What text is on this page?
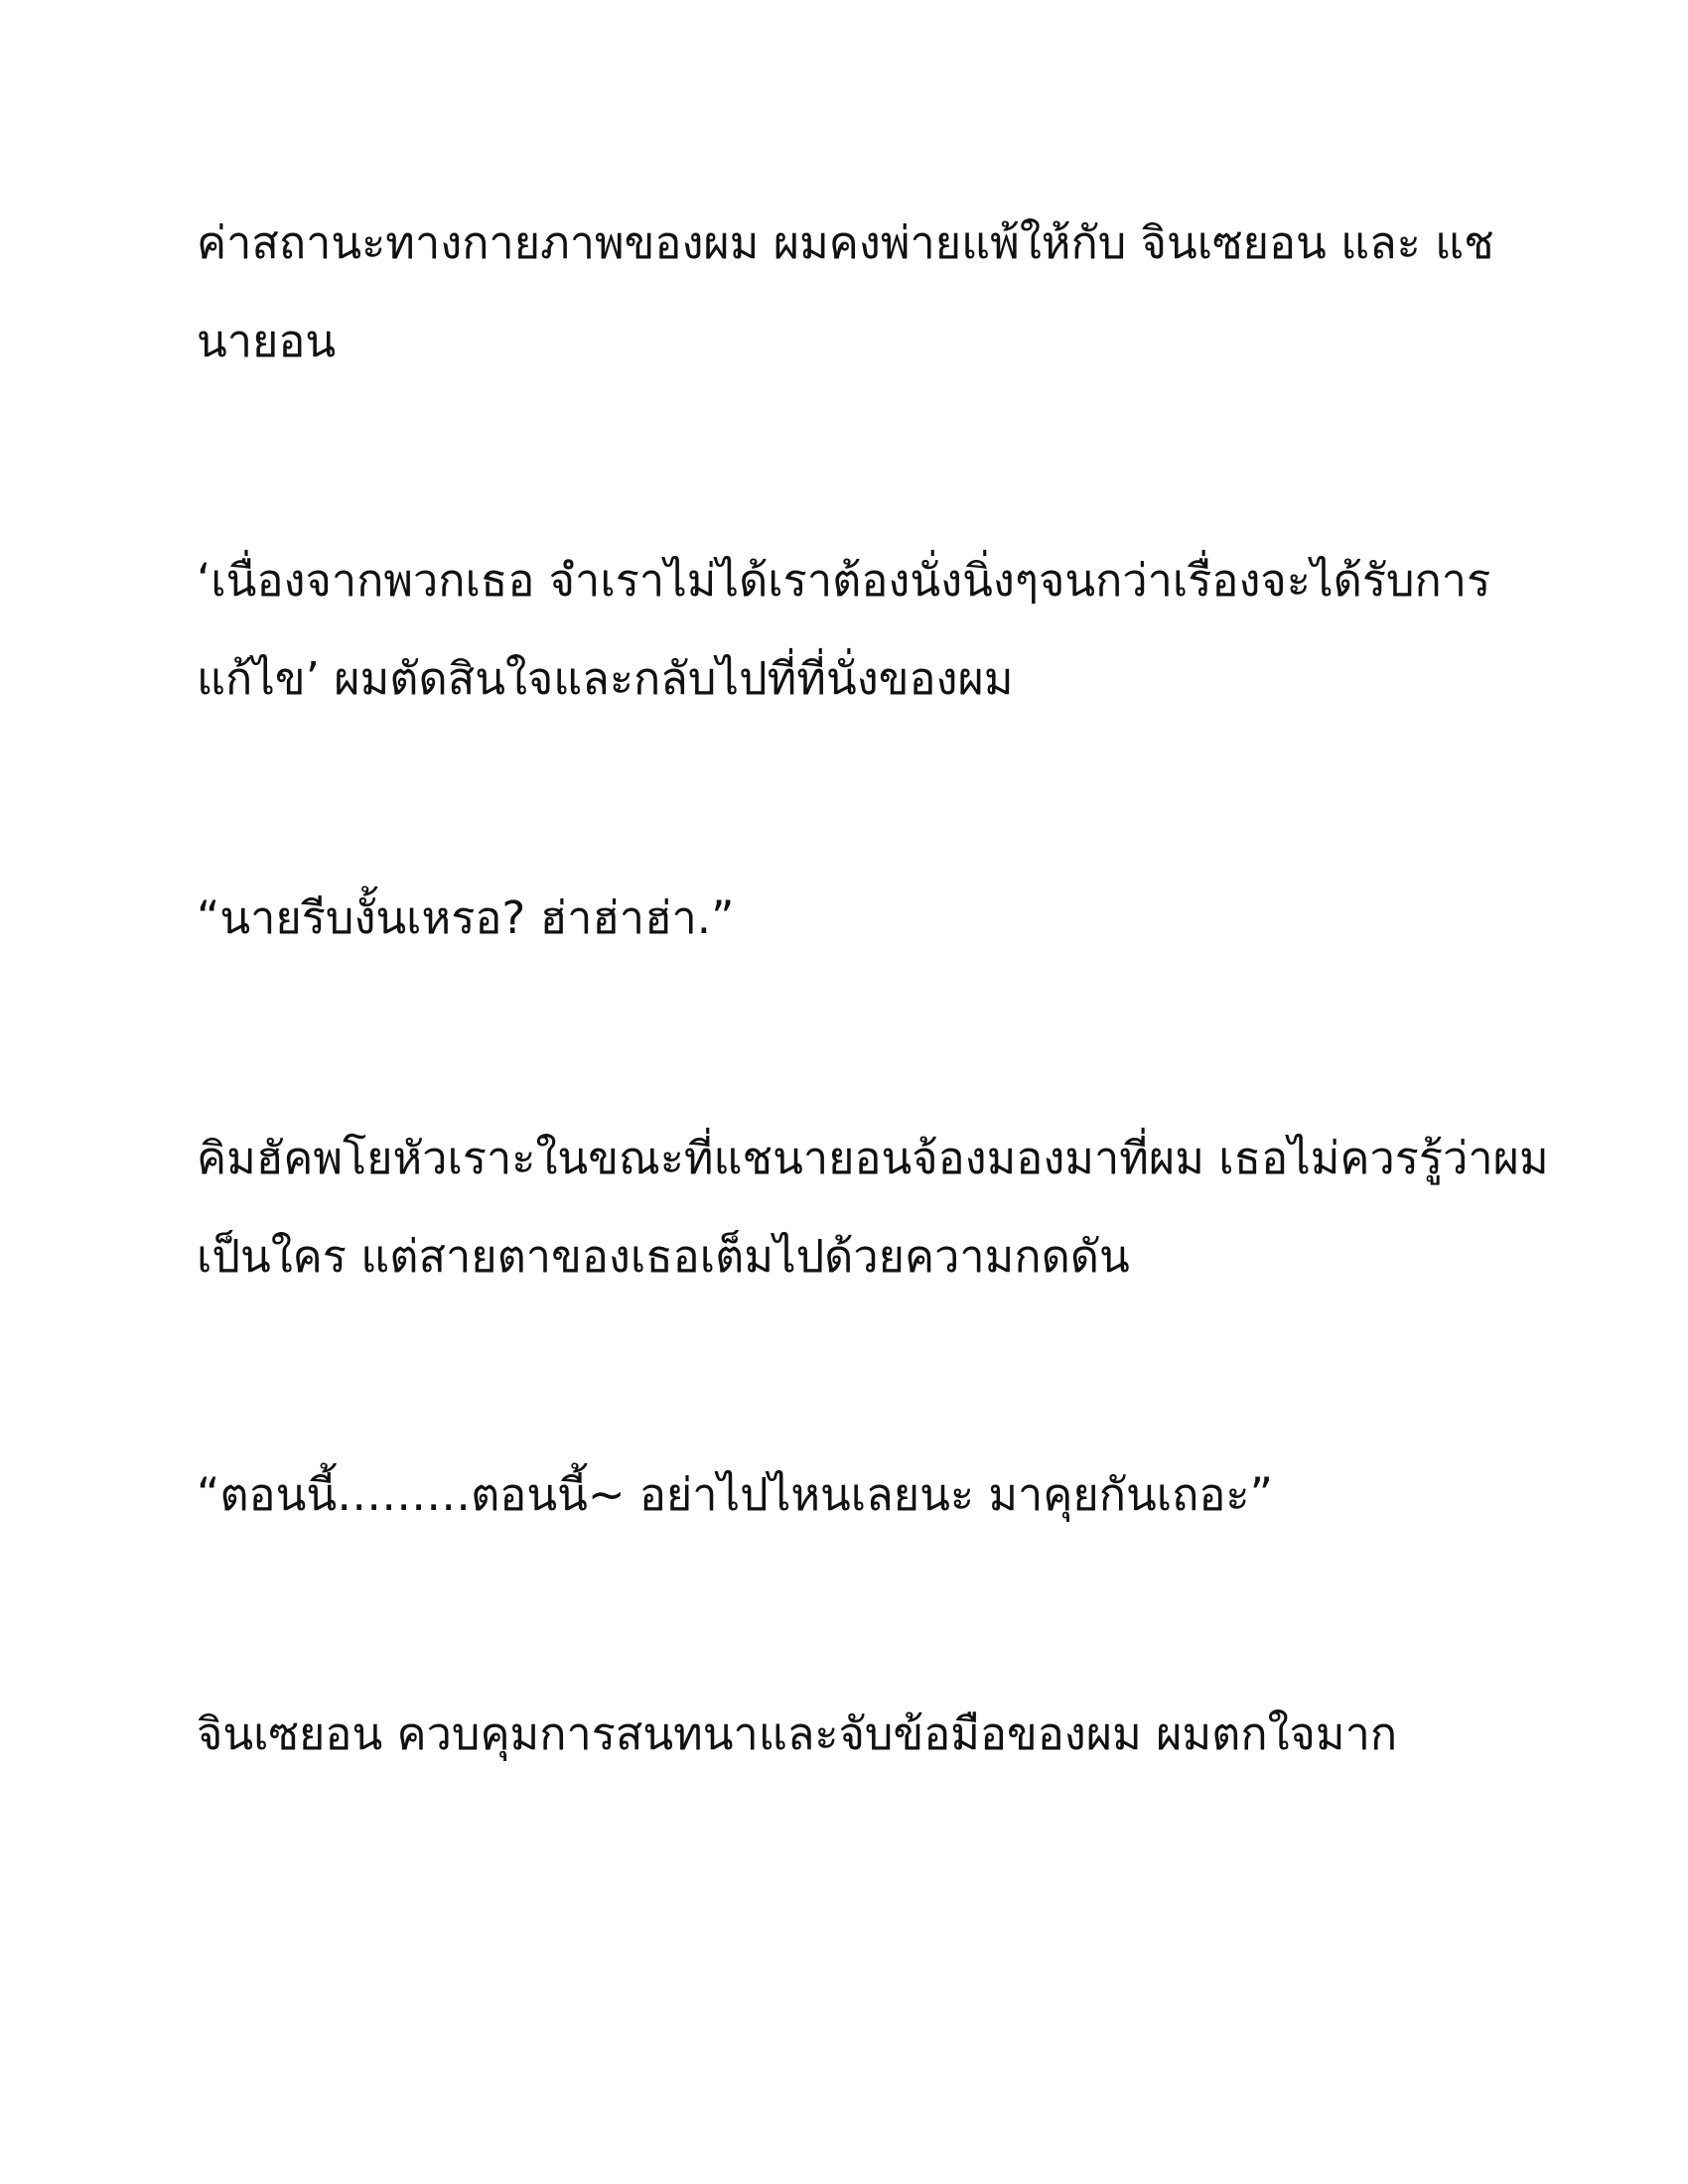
ค่าสถานะทางกายภาพของผม ผมคงพ่ายแพ้ให้กับ จินเซยอน และ แช
นายอน

‘เนื่องจากพวกเธอ จำเราไม่ได้เราต้องนั่งนิ่งๆจนกว่าเรื่องจะได้รับการ
แก้ไข’ ผมตัดสินใจและกลับไปที่ที่นั่งของผม

“นายรีบงั้นเหรอ? ฮ่าฮ่าฮ่า.”

คิมฮัคพโยหัวเราะในขณะที่แชนายอนจ้องมองมาที่ผม เธอไม่ควรรู้ว่าผม
เป็นใคร แต่สายตาของเธอเต็มไปด้วยความกดดัน

“ตอนนี้………ตอนนี้~ อย่าไปไหนเลยนะ มาคุยกันเถอะ”

จินเซยอน ควบคุมการสนทนาและจับข้อมือของผม ผมตกใจมาก
